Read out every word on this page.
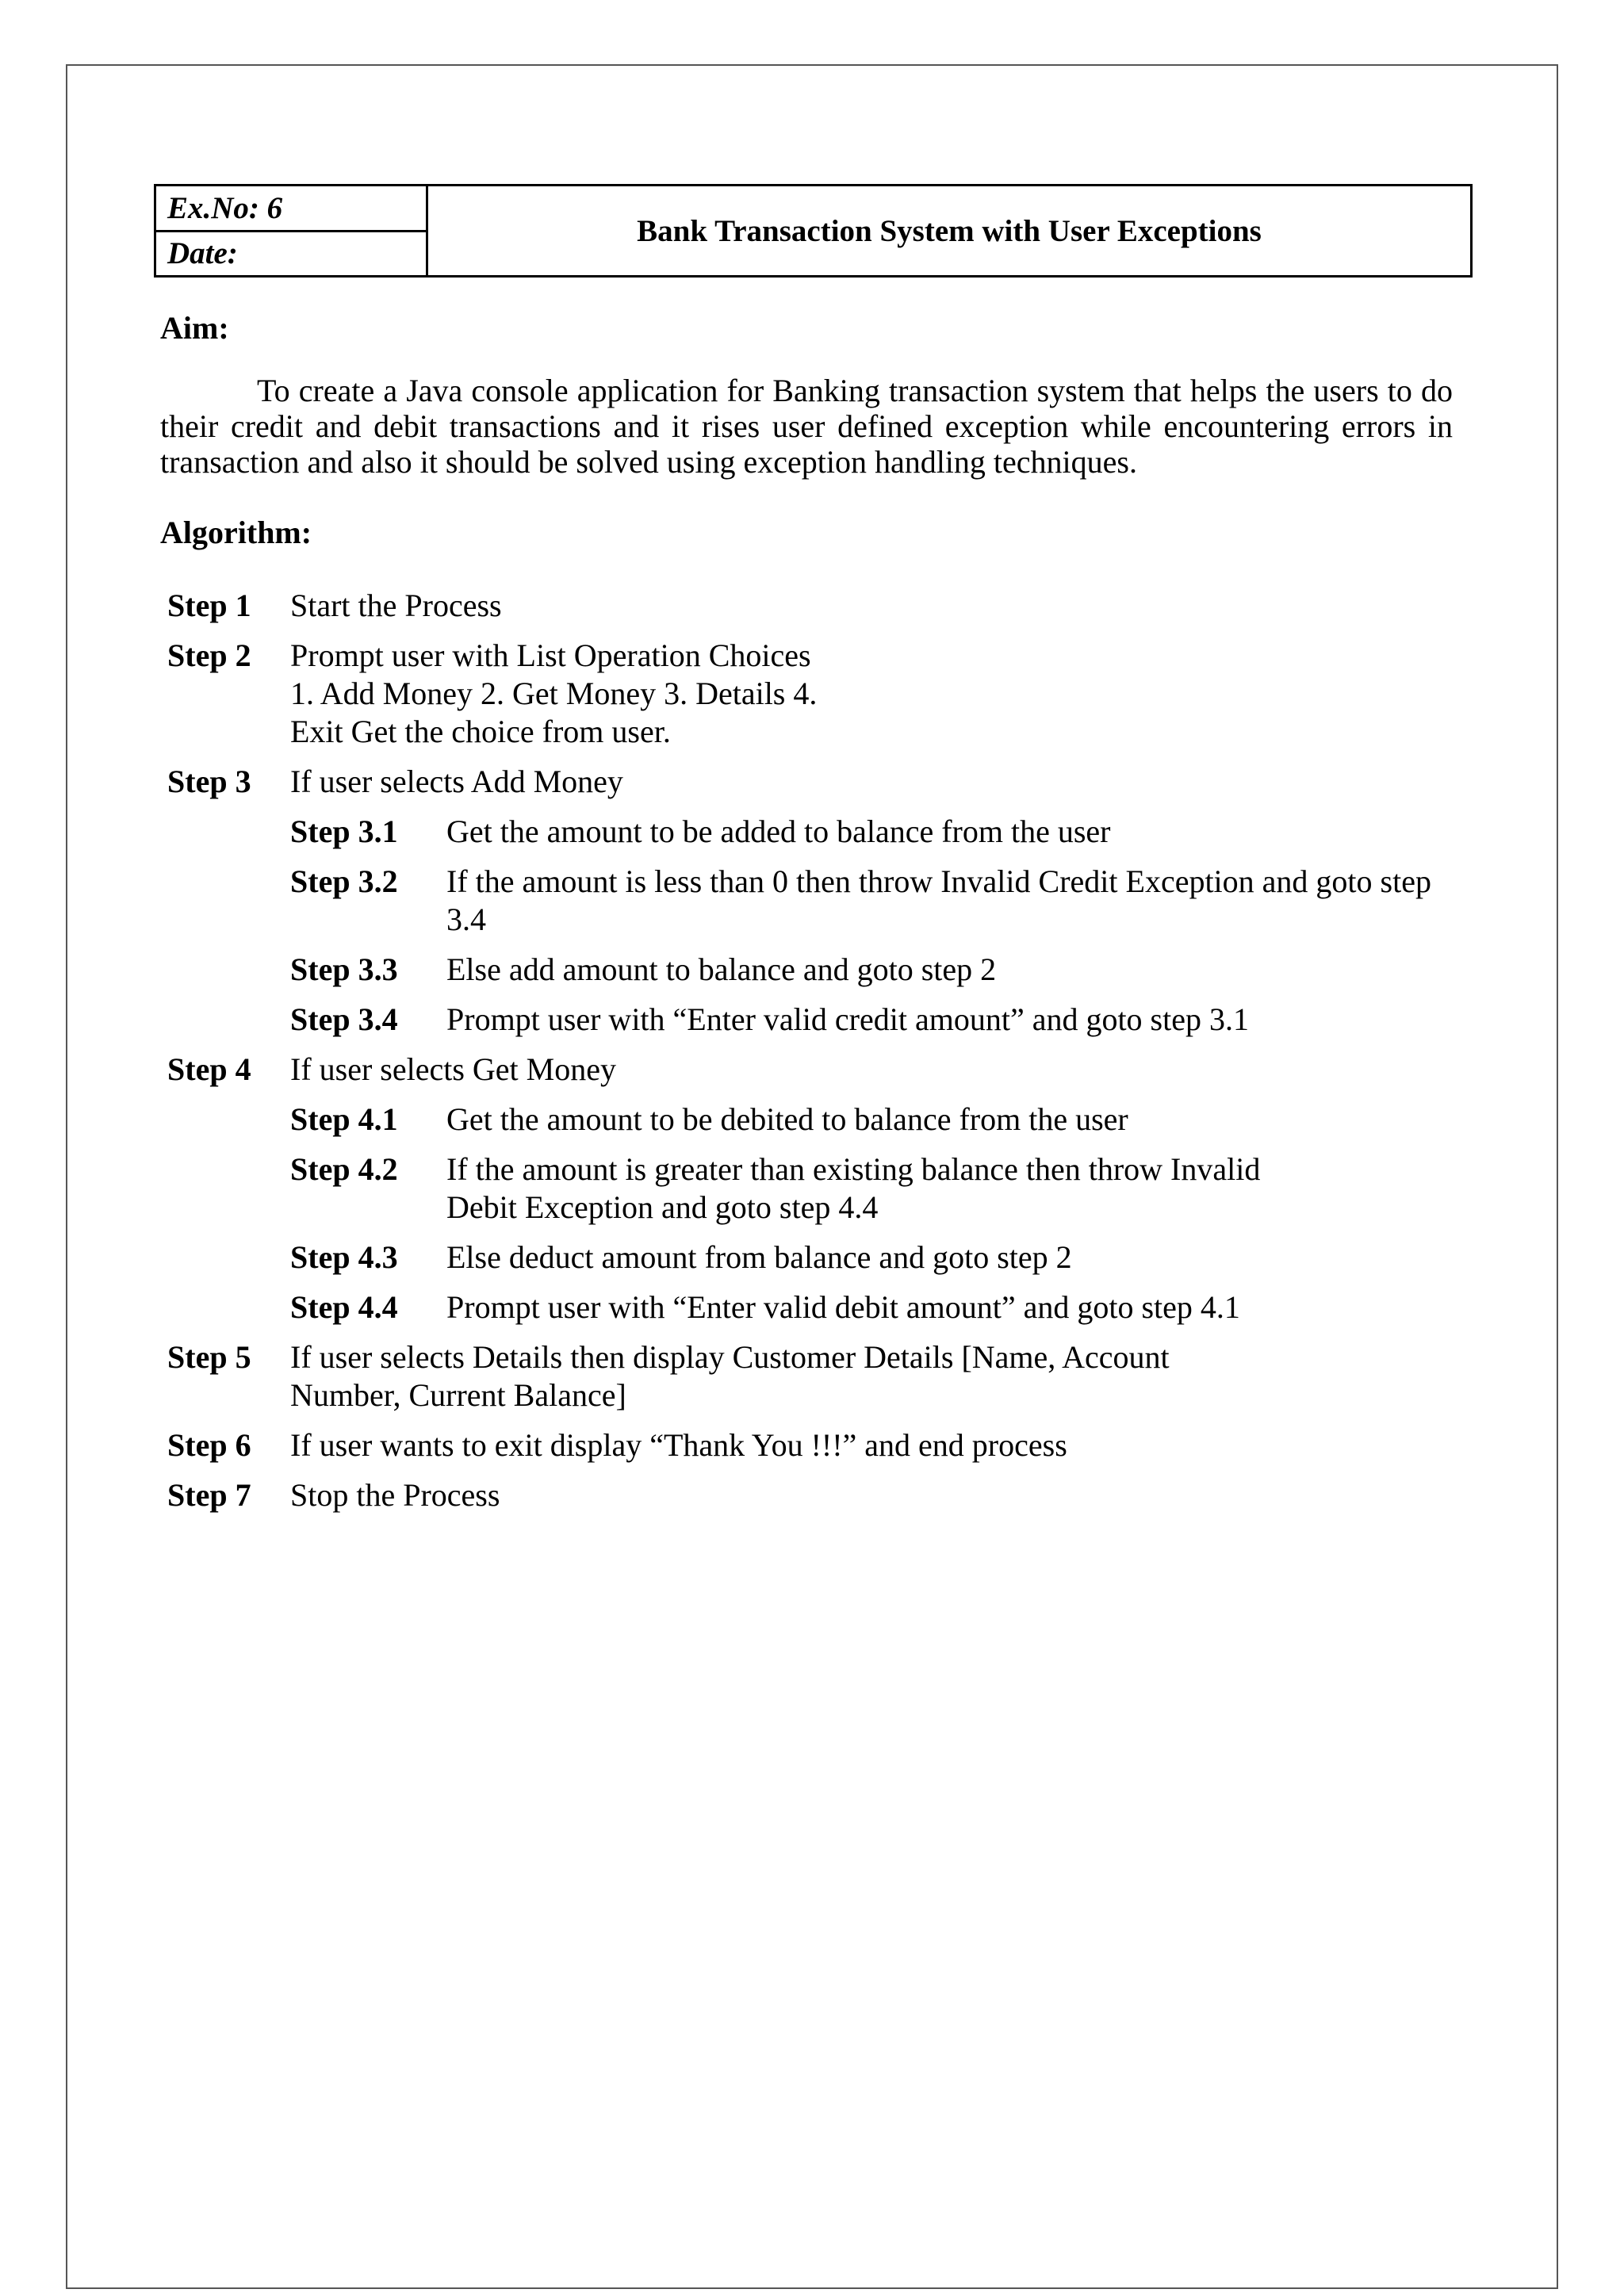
Ex.No: 6
Date:
Bank Transaction System with User Exceptions
Aim:
To create a Java console application for Banking transaction system that helps the users to do their credit and debit transactions and it rises user defined exception while encountering errors in transaction and also it should be solved using exception handling techniques.
Algorithm:
Step 1	Start the Process
Step 2	Prompt user with List Operation Choices
1. Add Money 2. Get Money 3. Details 4.
Exit Get the choice from user.
Step 3	If user selects Add Money
Step 3.1	Get the amount to be added to balance from the user
Step 3.2	If the amount is less than 0 then throw Invalid Credit Exception and goto step 3.4
Step 3.3	Else add amount to balance and goto step 2
Step 3.4	Prompt user with “Enter valid credit amount” and goto step 3.1
Step 4	If user selects Get Money
Step 4.1	Get the amount to be debited to balance from the user
Step 4.2	If the amount is greater than existing balance then throw Invalid
Debit Exception and goto step 4.4
Step 4.3	Else deduct amount from balance and goto step 2
Step 4.4	Prompt user with “Enter valid debit amount” and goto step 4.1
Step 5	If user selects Details then display Customer Details [Name, Account
Number, Current Balance]
Step 6	If user wants to exit display “Thank You !!!” and end process
Step 7	Stop the Process
